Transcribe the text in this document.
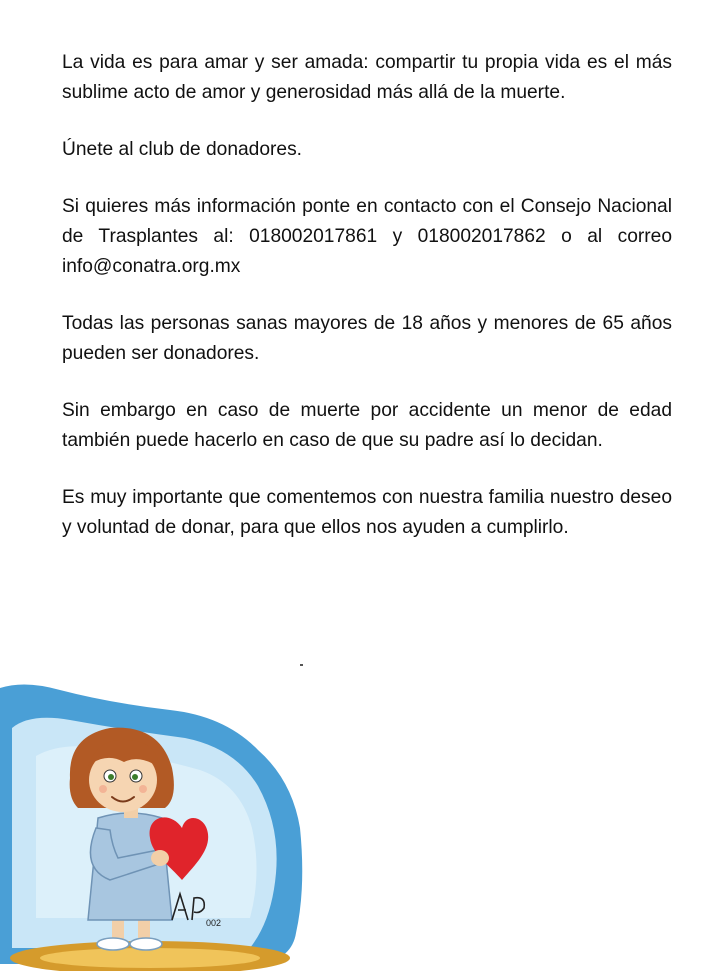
La vida es para amar y ser amada: compartir tu propia vida es el más sublime acto de amor y generosidad más allá de la muerte.

Únete al club de donadores.

Si quieres más información ponte en contacto con el Consejo Nacional de Trasplantes al: 018002017861 y 018002017862 o al correo info@conatra.org.mx

Todas las personas sanas mayores de 18 años y menores de 65 años pueden ser donadores.

Sin embargo en caso de muerte por accidente un menor de edad también puede hacerlo en caso de que su padre así lo decidan.

Es muy importante que comentemos con nuestra familia nuestro deseo y voluntad de donar, para que ellos nos ayuden a cumplirlo.

002
